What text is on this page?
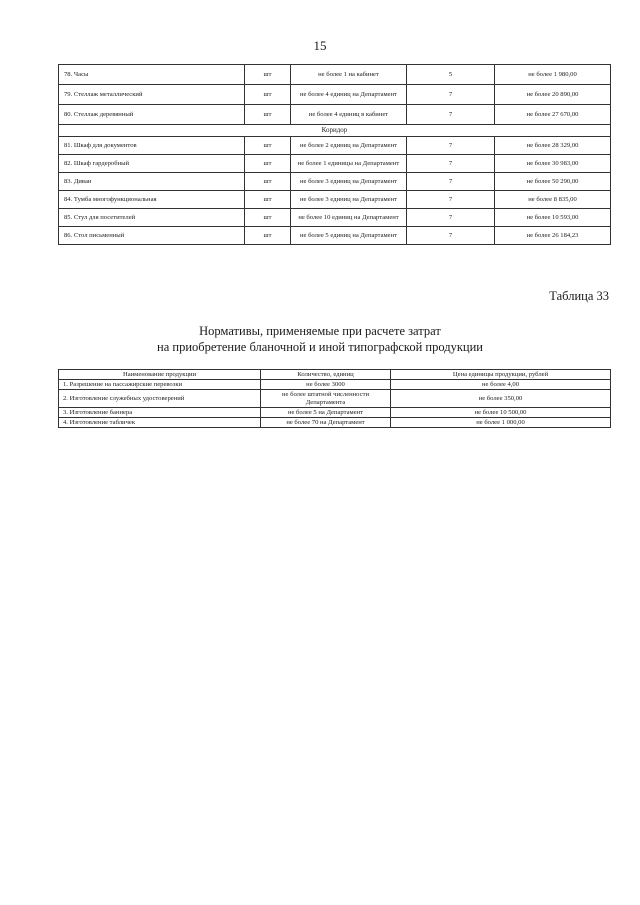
15
78. Часы	шт	не более 1 на кабинет	5	не более 1 980,00
79. Стеллаж металлический	шт	не более 4 единиц на Департамент	7	не более 20 890,00
80. Стеллаж деревянный	шт	не более 4 единиц в кабинет	7	не более 27 670,00
Коридор				
81. Шкаф для документов	шт	не более 2 единиц на Департамент	7	не более 28 329,00
82. Шкаф гардеробный	шт	не более 1 единицы на Департамент	7	не более 30 983,00
83. Диван	шт	не более 3 единиц на Департамент	7	не более 50 290,00
84. Тумба многофункциональная	шт	не более 3 единиц на Департамент	7	не более 8 835,00
85. Стул для посетителей	шт	не более 10 единиц на Департамент	7	не более 10 593,00
86. Стол письменный	шт	не более 5 единиц на Департамент	7	не более 26 184,23
Таблица 33
Нормативы, применяемые при расчете затрат
на приобретение бланочной и иной типографской продукции
Наименование продукции	Количество, единиц	Цена единицы продукции, рублей
1. Разрешение на пассажирские перевозки	не более 3000	не более 4,00
2. Изготовление служебных удостоверений	не более штатной численности Департамента	не более 350,00
3. Изготовление баннера	не более 5 на Департамент	не более 10 500,00
4. Изготовление табличек	не более 70 на Департамент	не более 1 000,00
